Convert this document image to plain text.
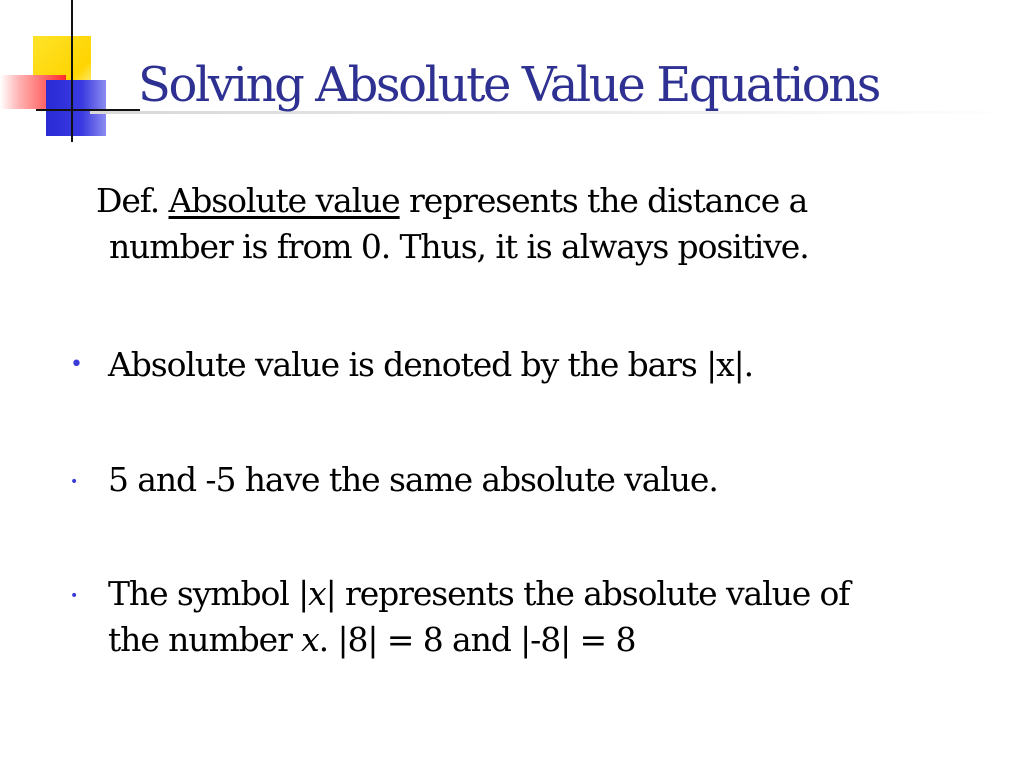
Solving Absolute Value Equations
Def. Absolute value represents the distance a
number is from 0. Thus, it is always positive.
• Absolute value is denoted by the bars |x|.
• 5 and -5 have the same absolute value.
• The symbol |x| represents the absolute value of
the number x. |8| = 8 and |-8| = 8
